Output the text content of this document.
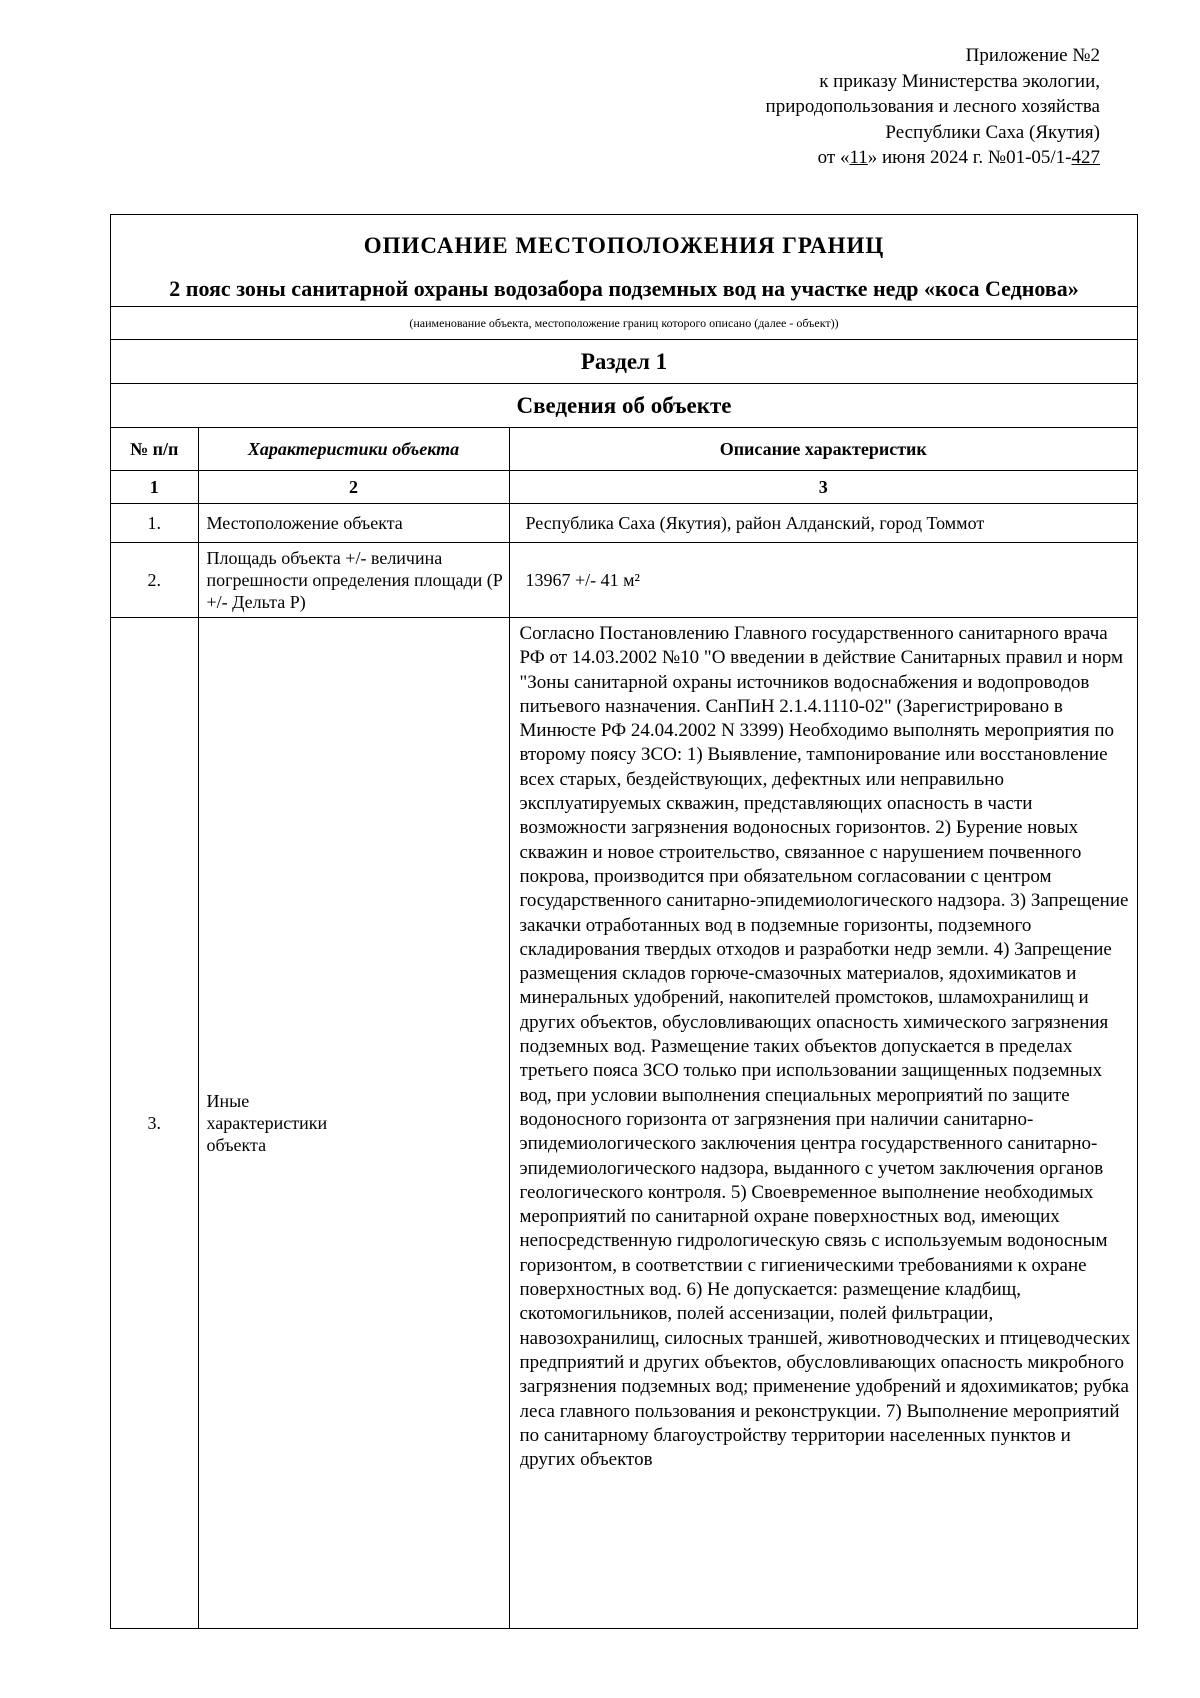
Приложение №2
к приказу Министерства экологии,
природопользования и лесного хозяйства
Республики Саха (Якутия)
от «11» июня 2024 г. №01-05/1-427
ОПИСАНИЕ МЕСТОПОЛОЖЕНИЯ ГРАНИЦ
2 пояс зоны санитарной охраны водозабора подземных вод на участке недр «коса Седнова»
(наименование объекта, местоположение границ которого описано (далее - объект))
Раздел 1
Сведения об объекте
№ п/п	Характеристики объекта	Описание характеристик
1	2	3
1.	Местоположение объекта	Республика Саха (Якутия), район Алданский, город Томмот
2.	Площадь объекта +/- величина погрешности определения площади (Р +/- Дельта Р)	13967 +/- 41 м²
3.	Иные характеристики объекта	Согласно Постановлению Главного государственного санитарного врача РФ от 14.03.2002 №10 "О введении в действие Санитарных правил и норм "Зоны санитарной охраны источников водоснабжения и водопроводов питьевого назначения. СанПиН 2.1.4.1110-02" (Зарегистрировано в Минюсте РФ 24.04.2002 N 3399) Необходимо выполнять мероприятия по второму поясу ЗСО: 1) Выявление, тампонирование или восстановление всех старых, бездействующих, дефектных или неправильно эксплуатируемых скважин, представляющих опасность в части возможности загрязнения водоносных горизонтов. 2) Бурение новых скважин и новое строительство, связанное с нарушением почвенного покрова, производится при обязательном согласовании с центром государственного санитарно-эпидемиологического надзора. 3) Запрещение закачки отработанных вод в подземные горизонты, подземного складирования твердых отходов и разработки недр земли. 4) Запрещение размещения складов горюче-смазочных материалов, ядохимикатов и минеральных удобрений, накопителей промстоков, шламохранилищ и других объектов, обусловливающих опасность химического загрязнения подземных вод. Размещение таких объектов допускается в пределах третьего пояса ЗСО только при использовании защищенных подземных вод, при условии выполнения специальных мероприятий по защите водоносного горизонта от загрязнения при наличии санитарно-эпидемиологического заключения центра государственного санитарно-эпидемиологического надзора, выданного с учетом заключения органов геологического контроля. 5) Своевременное выполнение необходимых мероприятий по санитарной охране поверхностных вод, имеющих непосредственную гидрологическую связь с используемым водоносным горизонтом, в соответствии с гигиеническими требованиями к охране поверхностных вод. 6) Не допускается: размещение кладбищ, скотомогильников, полей ассенизации, полей фильтрации, навозохранилищ, силосных траншей, животноводческих и птицеводческих предприятий и других объектов, обусловливающих опасность микробного загрязнения подземных вод; применение удобрений и ядохимикатов; рубка леса главного пользования и реконструкции. 7) Выполнение мероприятий по санитарному благоустройству территории населенных пунктов и других объектов
